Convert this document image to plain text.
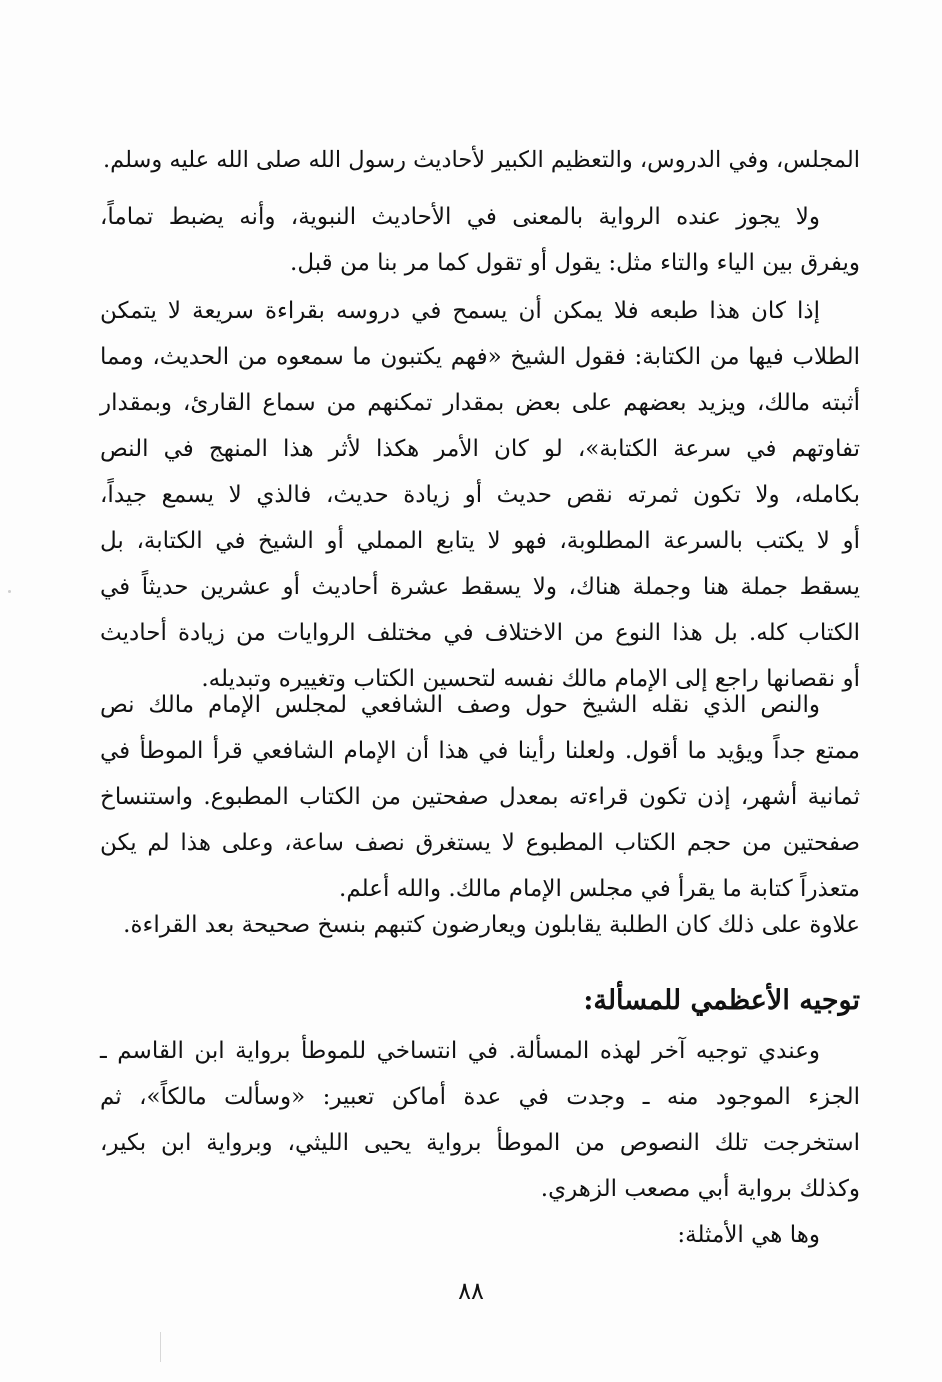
المجلس، وفي الدروس، والتعظيم الكبير لأحاديث رسول الله صلى الله عليه وسلم.
ولا يجوز عنده الرواية بالمعنى في الأحاديث النبوية، وأنه يضبط تماماً،
ويفرق بين الياء والتاء مثل: يقول أو تقول كما مر بنا من قبل.
إذا كان هذا طبعه فلا يمكن أن يسمح في دروسه بقراءة سريعة لا يتمكن
الطلاب فيها من الكتابة: فقول الشيخ «فهم يكتبون ما سمعوه من الحديث، ومما
أثبته مالك، ويزيد بعضهم على بعض بمقدار تمكنهم من سماع القارئ، وبمقدار
تفاوتهم في سرعة الكتابة»، لو كان الأمر هكذا لأثر هذا المنهج في النص
بكامله، ولا تكون ثمرته نقص حديث أو زيادة حديث، فالذي لا يسمع جيداً،
أو لا يكتب بالسرعة المطلوبة، فهو لا يتابع المملي أو الشيخ في الكتابة، بل
يسقط جملة هنا وجملة هناك، ولا يسقط عشرة أحاديث أو عشرين حديثاً في
الكتاب كله. بل هذا النوع من الاختلاف في مختلف الروايات من زيادة أحاديث
أو نقصانها راجع إلى الإمام مالك نفسه لتحسين الكتاب وتغييره وتبديله.
والنص الذي نقله الشيخ حول وصف الشافعي لمجلس الإمام مالك نص
ممتع جداً ويؤيد ما أقول. ولعلنا رأينا في هذا أن الإمام الشافعي قرأ الموطأ في
ثمانية أشهر، إذن تكون قراءته بمعدل صفحتين من الكتاب المطبوع. واستنساخ
صفحتين من حجم الكتاب المطبوع لا يستغرق نصف ساعة، وعلى هذا لم يكن
متعذراً كتابة ما يقرأ في مجلس الإمام مالك. والله أعلم.
علاوة على ذلك كان الطلبة يقابلون ويعارضون كتبهم بنسخ صحيحة بعد القراءة.
توجيه الأعظمي للمسألة:
وعندي توجيه آخر لهذه المسألة. في انتساخي للموطأ برواية ابن القاسم ـ
الجزء الموجود منه ـ وجدت في عدة أماكن تعبير: «وسألت مالكاً»، ثم
استخرجت تلك النصوص من الموطأ برواية يحيى الليثي، وبرواية ابن بكير،
وكذلك برواية أبي مصعب الزهري.
وها هي الأمثلة:
٨٨
